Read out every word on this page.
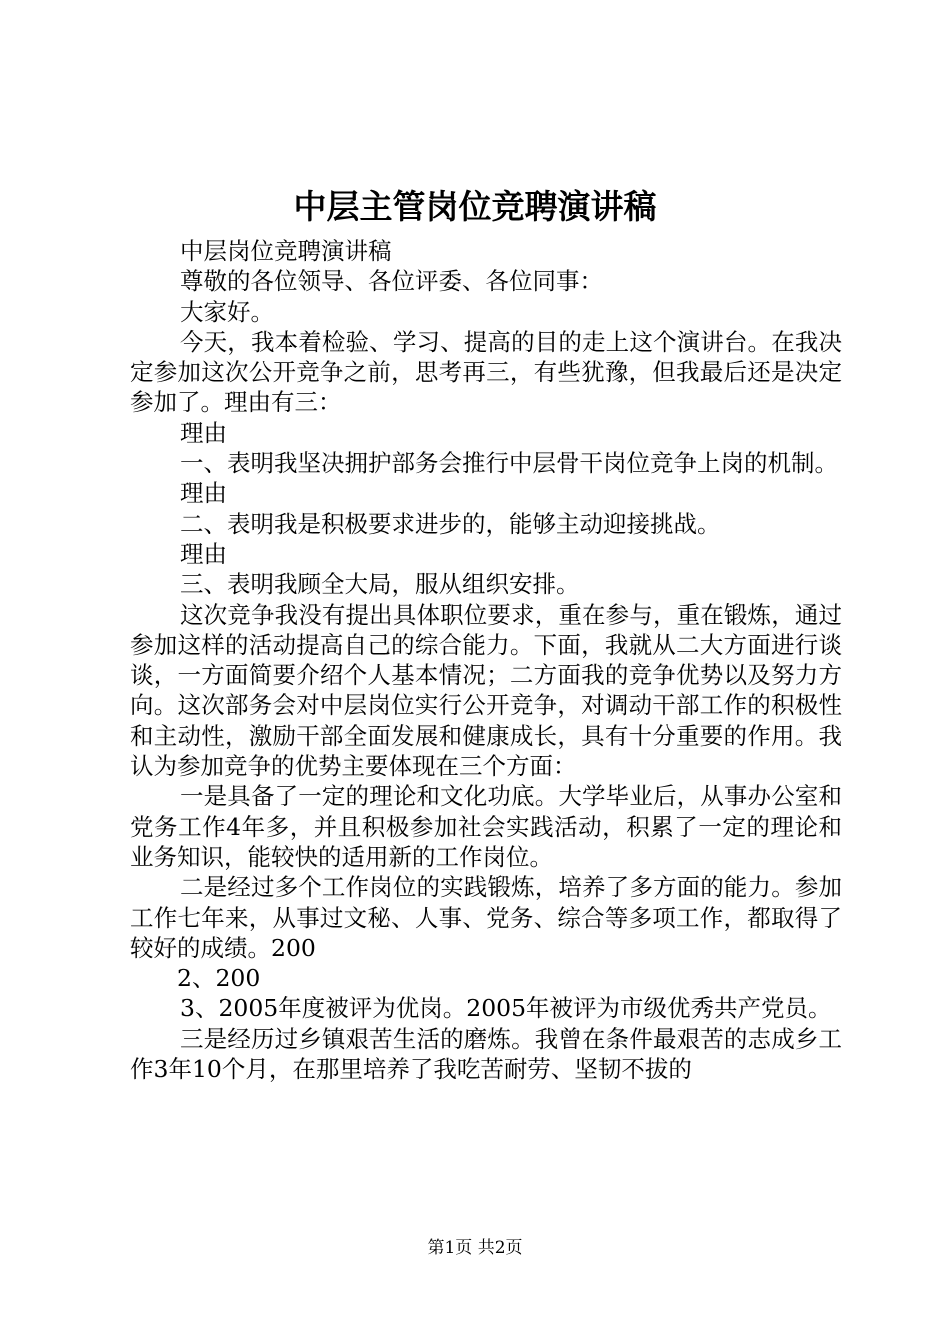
中层主管岗位竞聘演讲稿

中层岗位竞聘演讲稿

尊敬的各位领导、各位评委、各位同事：

大家好。

今天，我本着检验、学习、提高的目的走上这个演讲台。在我决定参加这次公开竞争之前，思考再三，有些犹豫，但我最后还是决定参加了。理由有三：

理由

一、表明我坚决拥护部务会推行中层骨干岗位竞争上岗的机制。

理由

二、表明我是积极要求进步的，能够主动迎接挑战。

理由

三、表明我顾全大局，服从组织安排。

这次竞争我没有提出具体职位要求，重在参与，重在锻炼，通过参加这样的活动提高自己的综合能力。下面，我就从二大方面进行谈谈，一方面简要介绍个人基本情况；二方面我的竞争优势以及努力方向。这次部务会对中层岗位实行公开竞争，对调动干部工作的积极性和主动性，激励干部全面发展和健康成长，具有十分重要的作用。我认为参加竞争的优势主要体现在三个方面：

一是具备了一定的理论和文化功底。大学毕业后，从事办公室和党务工作4年多，并且积极参加社会实践活动，积累了一定的理论和业务知识，能较快的适用新的工作岗位。

二是经过多个工作岗位的实践锻炼，培养了多方面的能力。参加工作七年来，从事过文秘、人事、党务、综合等多项工作，都取得了较好的成绩。200

2、200

3、2005年度被评为优岗。2005年被评为市级优秀共产党员。

三是经历过乡镇艰苦生活的磨炼。我曾在条件最艰苦的志成乡工作3年10个月，在那里培养了我吃苦耐劳、坚韧不拔的

第1页 共2页
